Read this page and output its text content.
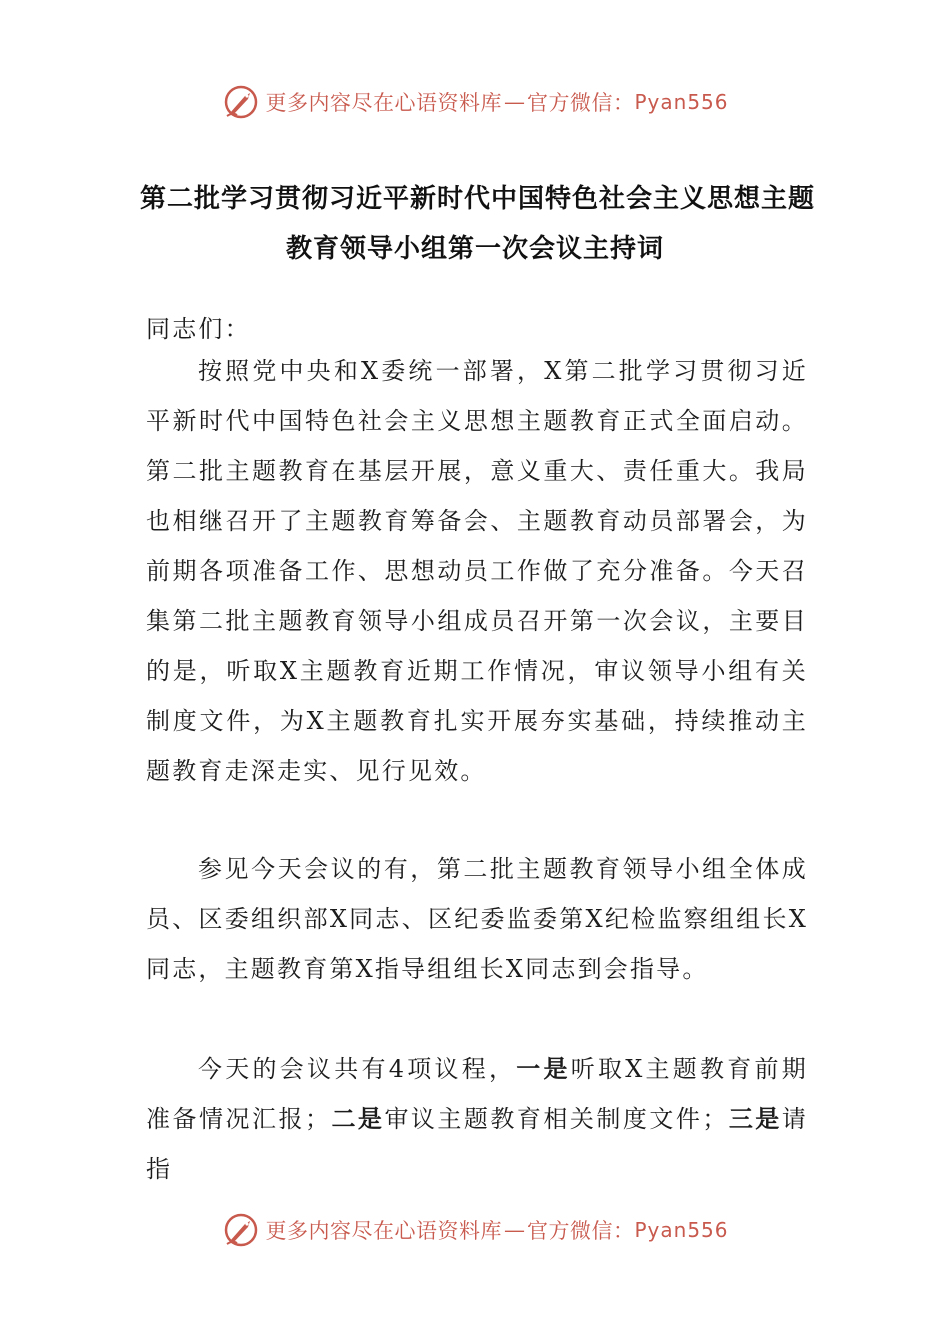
更多内容尽在心语资料库 — 官方微信： Pyan556
第二批学习贯彻习近平新时代中国特色社会主义思想主题
教育领导小组第一次会议主持词
同志们：

按照党中央和X委统一部署，X第二批学习贯彻习近平新时代中国特色社会主义思想主题教育正式全面启动。第二批主题教育在基层开展，意义重大、责任重大。我局也相继召开了主题教育筹备会、主题教育动员部署会，为前期各项准备工作、思想动员工作做了充分准备。今天召集第二批主题教育领导小组成员召开第一次会议，主要目的是，听取X主题教育近期工作情况，审议领导小组有关制度文件，为X主题教育扎实开展夯实基础，持续推动主题教育走深走实、见行见效。

参见今天会议的有，第二批主题教育领导小组全体成员、区委组织部X同志、区纪委监委第X纪检监察组组长X同志，主题教育第X指导组组长X同志到会指导。

今天的会议共有4项议程，一是听取X主题教育前期准备情况汇报；二是审议主题教育相关制度文件；三是请指

更多内容尽在心语资料库 — 官方微信： Pyan556
